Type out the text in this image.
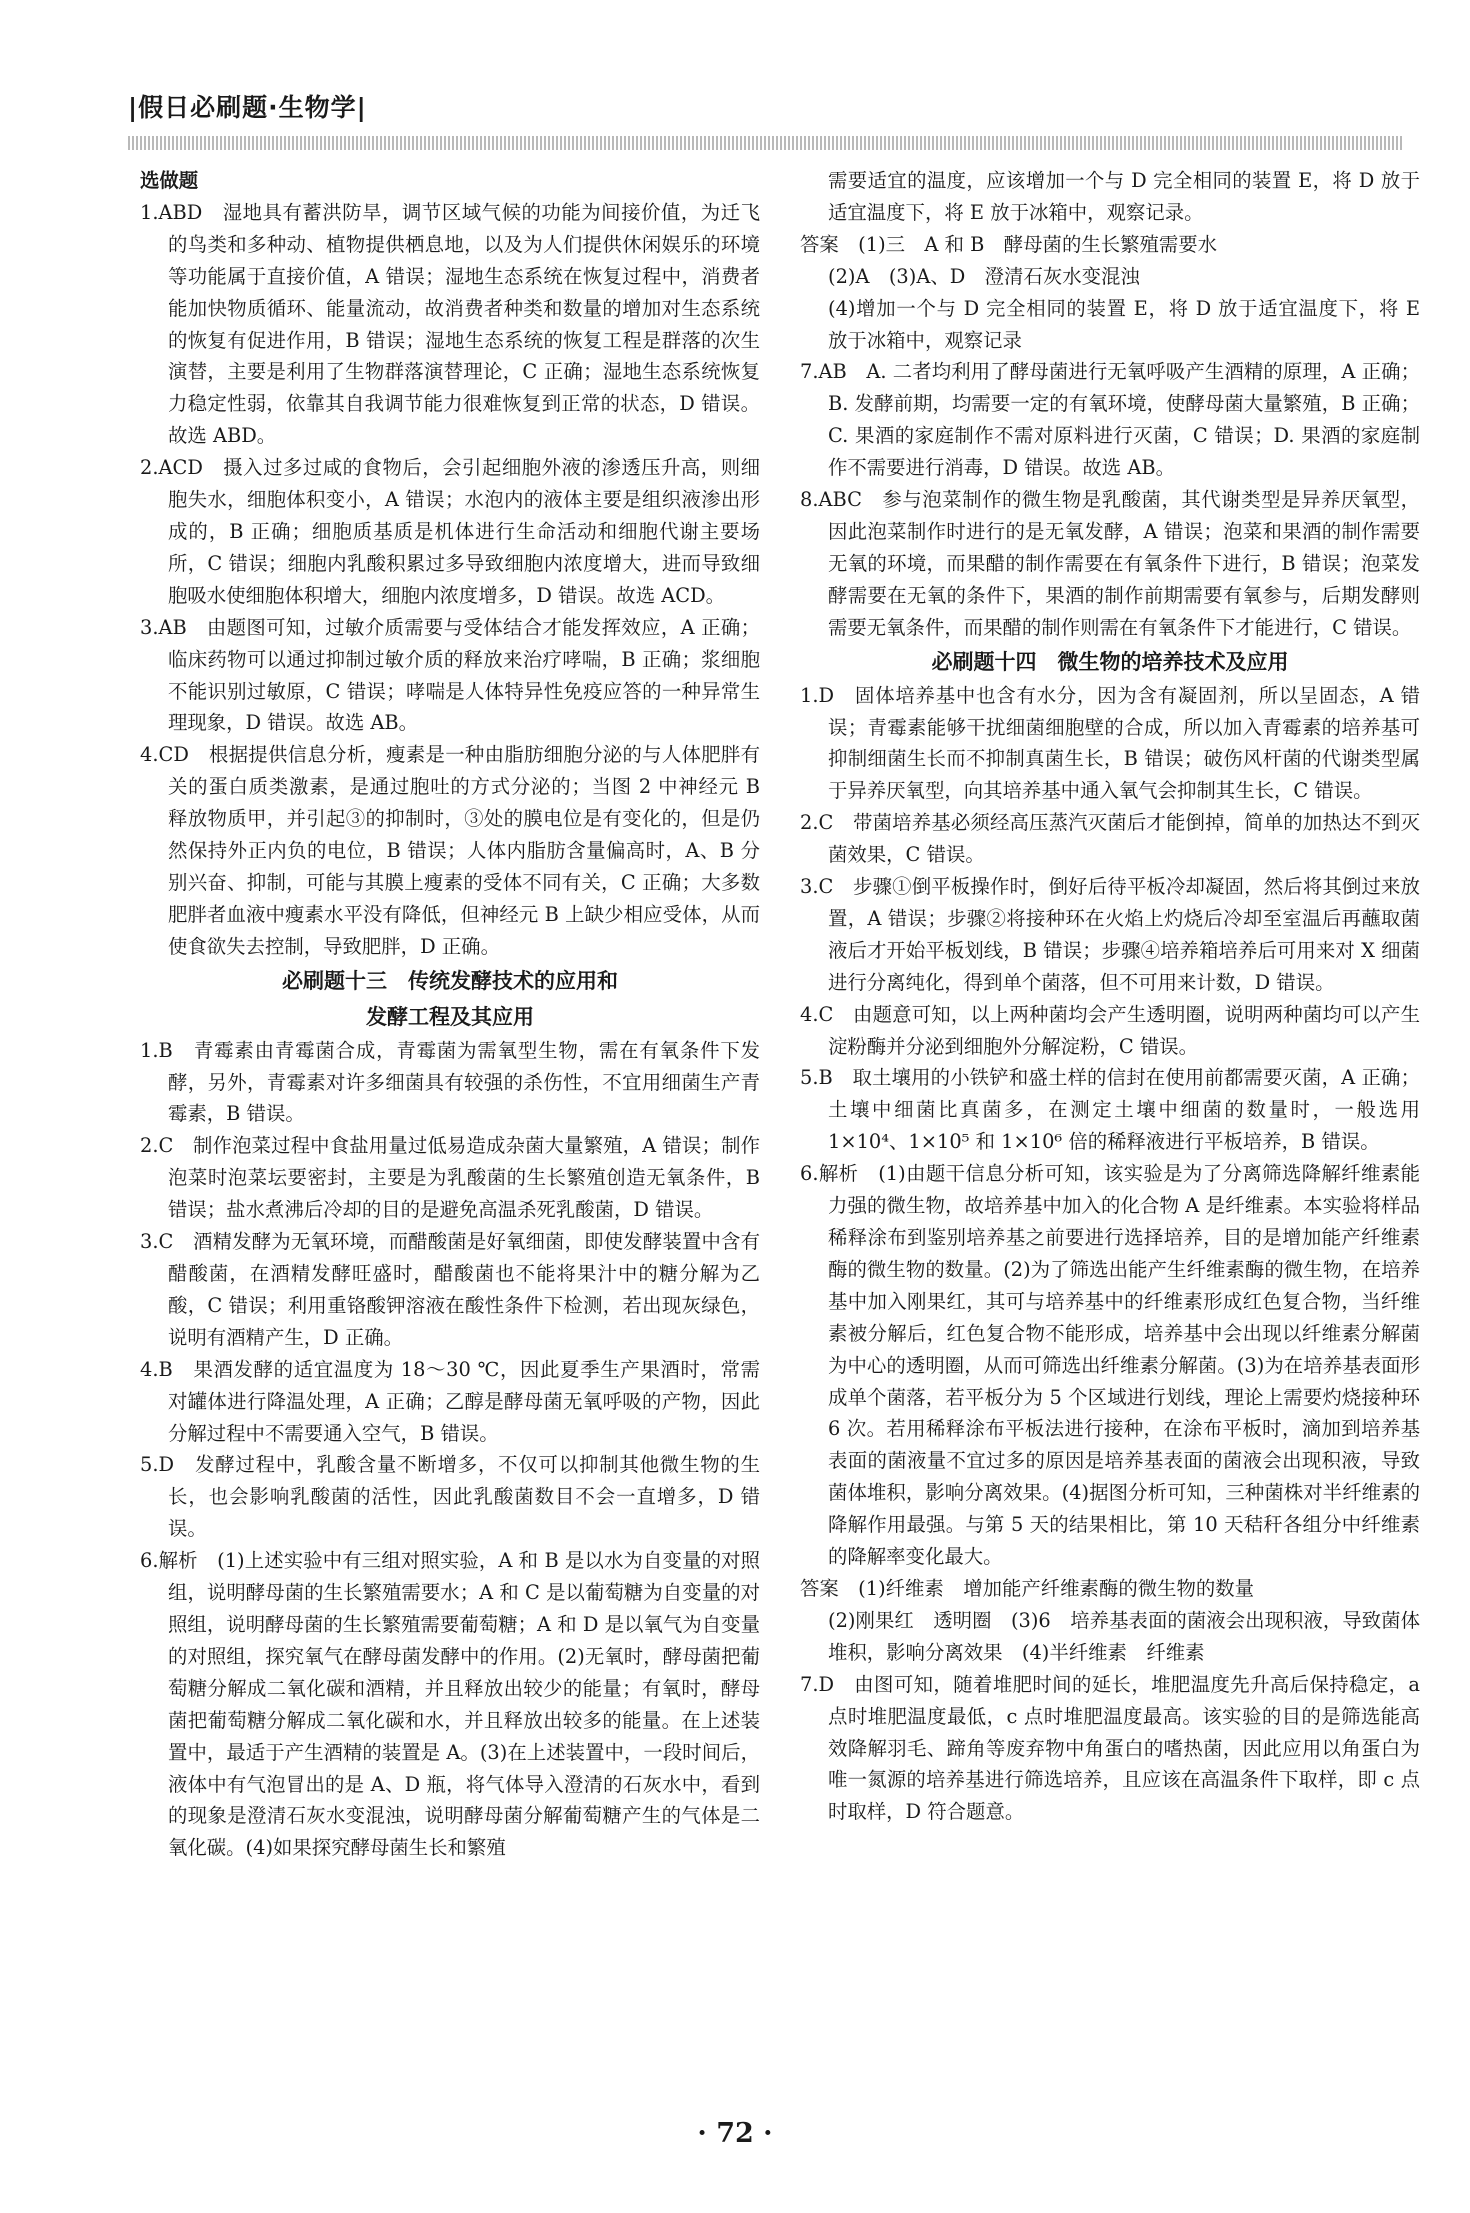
|假日必刷题·生物学|

选做题

1.ABD　湿地具有蓄洪防旱，调节区域气候的功能为间接价值，为迁飞的鸟类和多种动、植物提供栖息地，以及为人们提供休闲娱乐的环境等功能属于直接价值，A 错误；湿地生态系统在恢复过程中，消费者能加快物质循环、能量流动，故消费者种类和数量的增加对生态系统的恢复有促进作用，B 错误；湿地生态系统的恢复工程是群落的次生演替，主要是利用了生物群落演替理论，C 正确；湿地生态系统恢复力稳定性弱，依靠其自我调节能力很难恢复到正常的状态，D 错误。故选 ABD。

2.ACD　摄入过多过咸的食物后，会引起细胞外液的渗透压升高，则细胞失水，细胞体积变小，A 错误；水泡内的液体主要是组织液渗出形成的，B 正确；细胞质基质是机体进行生命活动和细胞代谢主要场所，C 错误；细胞内乳酸积累过多导致细胞内浓度增大，进而导致细胞吸水使细胞体积增大，细胞内浓度增多，D 错误。故选 ACD。

3.AB　由题图可知，过敏介质需要与受体结合才能发挥效应，A 正确；临床药物可以通过抑制过敏介质的释放来治疗哮喘，B 正确；浆细胞不能识别过敏原，C 错误；哮喘是人体特异性免疫应答的一种异常生理现象，D 错误。故选 AB。

4.CD　根据提供信息分析，瘦素是一种由脂肪细胞分泌的与人体肥胖有关的蛋白质类激素，是通过胞吐的方式分泌的；当图 2 中神经元 B 释放物质甲，并引起③的抑制时，③处的膜电位是有变化的，但是仍然保持外正内负的电位，B 错误；人体内脂肪含量偏高时，A、B 分别兴奋、抑制，可能与其膜上瘦素的受体不同有关，C 正确；大多数肥胖者血液中瘦素水平没有降低，但神经元 B 上缺少相应受体，从而使食欲失去控制，导致肥胖，D 正确。

必刷题十三　传统发酵技术的应用和

发酵工程及其应用

1.B　青霉素由青霉菌合成，青霉菌为需氧型生物，需在有氧条件下发酵，另外，青霉素对许多细菌具有较强的杀伤性，不宜用细菌生产青霉素，B 错误。

2.C　制作泡菜过程中食盐用量过低易造成杂菌大量繁殖，A 错误；制作泡菜时泡菜坛要密封，主要是为乳酸菌的生长繁殖创造无氧条件，B 错误；盐水煮沸后冷却的目的是避免高温杀死乳酸菌，D 错误。

3.C　酒精发酵为无氧环境，而醋酸菌是好氧细菌，即使发酵装置中含有醋酸菌，在酒精发酵旺盛时，醋酸菌也不能将果汁中的糖分解为乙酸，C 错误；利用重铬酸钾溶液在酸性条件下检测，若出现灰绿色，说明有酒精产生，D 正确。

4.B　果酒发酵的适宜温度为 18～30 ℃，因此夏季生产果酒时，常需对罐体进行降温处理，A 正确；乙醇是酵母菌无氧呼吸的产物，因此分解过程中不需要通入空气，B 错误。

5.D　发酵过程中，乳酸含量不断增多，不仅可以抑制其他微生物的生长，也会影响乳酸菌的活性，因此乳酸菌数目不会一直增多，D 错误。

6.解析　(1)上述实验中有三组对照实验，A 和 B 是以水为自变量的对照组，说明酵母菌的生长繁殖需要水；A 和 C 是以葡萄糖为自变量的对照组，说明酵母菌的生长繁殖需要葡萄糖；A 和 D 是以氧气为自变量的对照组，探究氧气在酵母菌发酵中的作用。(2)无氧时，酵母菌把葡萄糖分解成二氧化碳和酒精，并且释放出较少的能量；有氧时，酵母菌把葡萄糖分解成二氧化碳和水，并且释放出较多的能量。在上述装置中，最适于产生酒精的装置是 A。(3)在上述装置中，一段时间后，液体中有气泡冒出的是 A、D 瓶，将气体导入澄清的石灰水中，看到的现象是澄清石灰水变混浊，说明酵母菌分解葡萄糖产生的气体是二氧化碳。(4)如果探究酵母菌生长和繁殖

需要适宜的温度，应该增加一个与 D 完全相同的装置 E，将 D 放于适宜温度下，将 E 放于冰箱中，观察记录。

答案　(1)三　A 和 B　酵母菌的生长繁殖需要水

(2)A　(3)A、D　澄清石灰水变混浊

(4)增加一个与 D 完全相同的装置 E，将 D 放于适宜温度下，将 E 放于冰箱中，观察记录

7.AB　A. 二者均利用了酵母菌进行无氧呼吸产生酒精的原理，A 正确；B. 发酵前期，均需要一定的有氧环境，使酵母菌大量繁殖，B 正确；C. 果酒的家庭制作不需对原料进行灭菌，C 错误；D. 果酒的家庭制作不需要进行消毒，D 错误。故选 AB。

8.ABC　参与泡菜制作的微生物是乳酸菌，其代谢类型是异养厌氧型，因此泡菜制作时进行的是无氧发酵，A 错误；泡菜和果酒的制作需要无氧的环境，而果醋的制作需要在有氧条件下进行，B 错误；泡菜发酵需要在无氧的条件下，果酒的制作前期需要有氧参与，后期发酵则需要无氧条件，而果醋的制作则需在有氧条件下才能进行，C 错误。

必刷题十四　微生物的培养技术及应用

1.D　固体培养基中也含有水分，因为含有凝固剂，所以呈固态，A 错误；青霉素能够干扰细菌细胞壁的合成，所以加入青霉素的培养基可抑制细菌生长而不抑制真菌生长，B 错误；破伤风杆菌的代谢类型属于异养厌氧型，向其培养基中通入氧气会抑制其生长，C 错误。

2.C　带菌培养基必须经高压蒸汽灭菌后才能倒掉，简单的加热达不到灭菌效果，C 错误。

3.C　步骤①倒平板操作时，倒好后待平板冷却凝固，然后将其倒过来放置，A 错误；步骤②将接种环在火焰上灼烧后冷却至室温后再蘸取菌液后才开始平板划线，B 错误；步骤④培养箱培养后可用来对 X 细菌进行分离纯化，得到单个菌落，但不可用来计数，D 错误。

4.C　由题意可知，以上两种菌均会产生透明圈，说明两种菌均可以产生淀粉酶并分泌到细胞外分解淀粉，C 错误。

5.B　取土壤用的小铁铲和盛土样的信封在使用前都需要灭菌，A 正确；土壤中细菌比真菌多，在测定土壤中细菌的数量时，一般选用 1×10⁴、1×10⁵ 和 1×10⁶ 倍的稀释液进行平板培养，B 错误。

6.解析　(1)由题干信息分析可知，该实验是为了分离筛选降解纤维素能力强的微生物，故培养基中加入的化合物 A 是纤维素。本实验将样品稀释涂布到鉴别培养基之前要进行选择培养，目的是增加能产纤维素酶的微生物的数量。(2)为了筛选出能产生纤维素酶的微生物，在培养基中加入刚果红，其可与培养基中的纤维素形成红色复合物，当纤维素被分解后，红色复合物不能形成，培养基中会出现以纤维素分解菌为中心的透明圈，从而可筛选出纤维素分解菌。(3)为在培养基表面形成单个菌落，若平板分为 5 个区域进行划线，理论上需要灼烧接种环 6 次。若用稀释涂布平板法进行接种，在涂布平板时，滴加到培养基表面的菌液量不宜过多的原因是培养基表面的菌液会出现积液，导致菌体堆积，影响分离效果。(4)据图分析可知，三种菌株对半纤维素的降解作用最强。与第 5 天的结果相比，第 10 天秸秆各组分中纤维素的降解率变化最大。

答案　(1)纤维素　增加能产纤维素酶的微生物的数量

(2)刚果红　透明圈　(3)6　培养基表面的菌液会出现积液，导致菌体堆积，影响分离效果　(4)半纤维素　纤维素

7.D　由图可知，随着堆肥时间的延长，堆肥温度先升高后保持稳定，a 点时堆肥温度最低，c 点时堆肥温度最高。该实验的目的是筛选能高效降解羽毛、蹄角等废弃物中角蛋白的嗜热菌，因此应用以角蛋白为唯一氮源的培养基进行筛选培养，且应该在高温条件下取样，即 c 点时取样，D 符合题意。

· 72 ·
